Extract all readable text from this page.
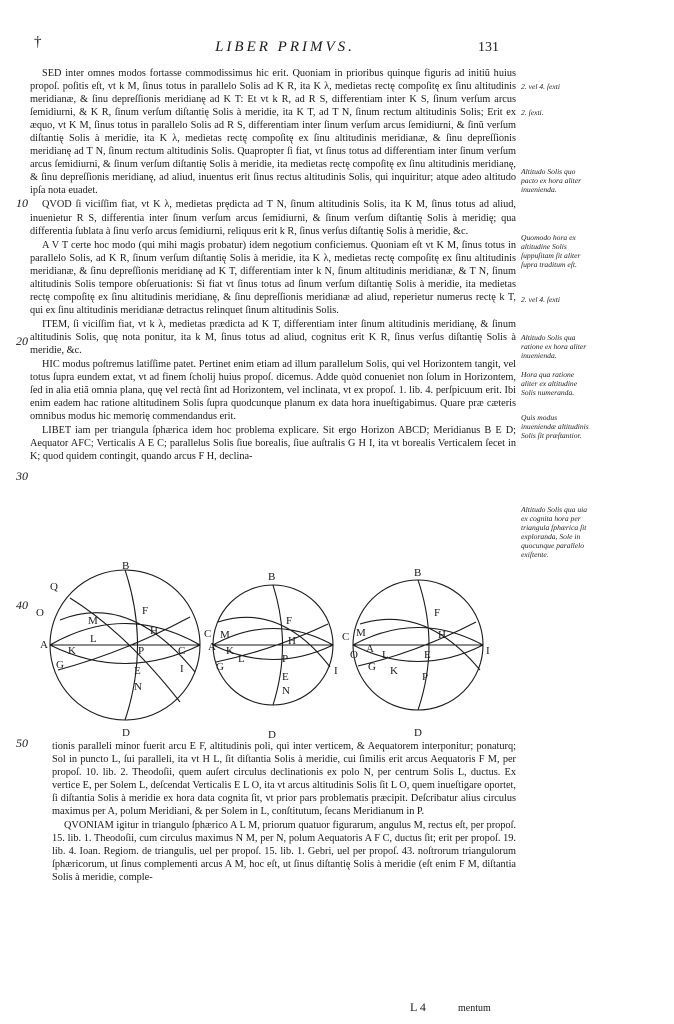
†	LIBER PRIMVS.	131
10
20
30
40
50

SED inter omnes modos fortasse commodissimus hic erit. Quoniam in prioribus quinque figuris ad initiũ huius propoſ. poſitis eſt, vt k M, ſinus totus in parallelo Solis ad K R, ita K λ, medietas rectę compoſitę ex ſinu altitudinis meridianæ, & ſinu depreſſionis meridianę ad K T: Et vt k R, ad R S, differentiam inter K S, ſinum verſum arcus ſemidiurni, & K R, ſinum verſum diſtantię Solis à meridie, ita K T, ad T N, ſinum rectum altitudinis Solis; Erit ex æquo, vt K M, ſinus totus in parallelo Solis ad R S, differentiam inter ſinum verſum arcus ſemidiurni, & ſinũ verſum diſtantię Solis à meridie, ita K λ, medietas rectę compoſitę ex ſinu altitudinis meridianæ, & ſinu depreſſionis meridianę ad T N, ſinum rectum altitudinis Solis. Quapropter ſi fiat, vt ſinus totus ad differentiam inter ſinum verſum arcus ſemidiurni, & ſinum verſum diſtantię Solis à meridie, ita medietas rectę compoſitę ex ſinu altitudinis meridianę, & ſinu depreſſionis meridianę, ad aliud, inuentus erit ſinus rectus altitudinis Solis, qui inquiritur; atque adeo altitudo ipſa nota euadet.

QVOD ſi viciſſim fiat, vt K λ, medietas prędicta ad T N, ſinum altitudinis Solis, ita K M, ſinus totus ad aliud, inuenietur R S, differentia inter ſinum verſum arcus ſemidiurni, & ſinum verſum diſtantię Solis à meridię; qua differentia ſublata à ſinu verſo arcus ſemidiurni, reliquus erit k R, ſinus verſus diſtantię Solis à meridie, &c.

A V T certe hoc modo (qui mihi magis probatur) idem negotium conficiemus. Quoniam eſt vt K M, ſinus totus in parallelo Solis, ad K R, ſinum verſum diſtantię Solis à meridie, ita K λ, medietas rectę compoſitę ex ſinu altitudinis meridianæ, & ſinu depreſſionis meridianę ad K T, differentiam inter k N, ſinum altitudinis meridianæ, & T N, ſinum altitudinis Solis tempore obſeruationis: Si fiat vt ſinus totus ad ſinum verſum diſtantię Solis à meridie, ita medietas rectę compoſitę ex ſinu altitudinis meridianę, & ſinu depreſſionis meridianæ ad aliud, reperietur numerus rectę k T, qui ex ſinu altitudinis meridianæ detractus relinquet ſinum altitudinis Solis.

ITEM, ſi viciſſim fiat, vt k λ, medietas prædicta ad K T, differentiam inter ſinum altitudinis meridianę, & ſinum altitudinis Solis, quę nota ponitur, ita k M, ſinus totus ad aliud, cognitus erit K R, ſinus verſus diſtantię Solis à meridie, &c.

HIC modus poſtremus latiſſime patet. Pertinet enim etiam ad illum parallelum Solis, qui vel Horizontem tangit, vel totus ſupra eundem extat, vt ad finem ſcholij huius propoſ. dicemus. Adde quòd conueniet non ſolum in Horizontem, ſed in alia etiã omnia plana, quę vel rectà ſint ad Horizontem, vel inclinata, vt ex propoſ. 1. lib. 4. perſpicuum erit. Ibi enim eadem hac ratione altitudinem Solis ſupra quodcunque planum ex data hora inueſtigabimus. Quare præ cæteris omnibus modus hic memorię commendandus erit.

LIBET iam per triangula ſphærica idem hoc problema explicare. Sit ergo Horizon ABCD; Meridianus B E D; Aequator AFC; Verticalis A E C; parallelus Solis ſiue borealis, ſiue auſtralis G H I, ita vt borealis Verticalem ſecet in K; quod quidem contingit, quando arcus F H, declina-

2. vel 4. ſexti
2. ſexti.
Altitudo Solis quo pacto ex hora aliter inuenienda.
Quomodo hora ex altitudine Solis ſuppuſitam ſit aliter ſupra traditum eſt.
2. vel 4. ſexti
Altitudo Solis qua ratione ex hora aliter inuenienda.
Hora qua ratione aliter ex altitudine Solis numeranda.
Quis modus inueniendæ altitudinis Solis ſit præſtantior.
Altitudo Solis qua uia ex cognita hora per triangula ſphærica ſit exploranda, Sole in quocunque parallelo exiſtente.
B
Q
O
M
F
H
A	L
K	P	C
G	E
N
I
D
B
C
A
M
K
L
F
H
G
P
E
N
I
D
B
F
C M
A
H
O L
G
E
K P
I
D

tionis paralleli minor fuerit arcu E F, altitudinis poli, qui inter verticem, & Aequatorem interponitur; ponaturq; Sol in puncto L, ſui paralleli, ita vt H L, ſit diſtantia Solis à meridie, cui ſimilis erit arcus Aequatoris F M, per propoſ. 10. lib. 2. Theodoſii, quem auſert circulus declinationis ex polo N, per centrum Solis L, ductus. Ex vertice E, per Solem L, deſcendat Verticalis E L O, ita vt arcus altitudinis Solis ſit L O, quem inueſtigare oportet, ſi diſtantia Solis à meridie ex hora data cognita ſit, vt prior pars problematis præcipit. Deſcribatur alius circulus maximus per A, polum Meridiani, & per Solem in L, conſtitutum, ſecans Meridianum in P.

QVONIAM igitur in triangulo ſphærico A L M, priorum quatuor figurarum, angulus M, rectus eſt, per propoſ. 15. lib. 1. Theodoſii, cum circulus maximus N M, per N, polum Aequatoris A F C, ductus ſit; erit per propoſ. 19. lib. 4. Ioan. Regiom. de triangulis, uel per propoſ. 15. lib. 1. Gebri, uel per propoſ. 43. noſtrorum triangulorum ſphæricorum, ut ſinus complementi arcus A M, hoc eſt, ut ſinus diſtantię Solis à meridie (eſt enim F M, diſtantia Solis à meridie, comple-

L 4	mentum
